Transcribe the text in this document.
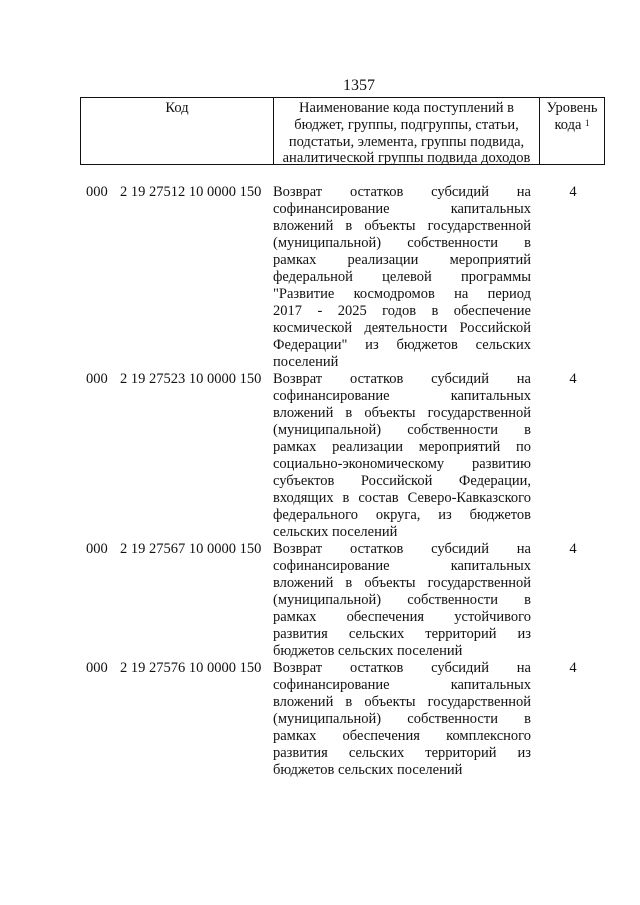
1357
Код	Наименование кода поступлений в
бюджет, группы, подгруппы, статьи,
подстатьи, элемента, группы подвида,
аналитической группы подвида доходов
Уровень
кода $^1$
000 2 19 27512 10 0000 150 Возврат остатков субсидий на
софинансирование капитальных
вложений в объекты государственной
(муниципальной) собственности в
рамках реализации мероприятий
федеральной целевой программы
"Развитие космодромов на период
2017 - 2025 годов в обеспечение
космической деятельности Российской
Федерации" из бюджетов сельских
поселений
4
000 2 19 27523 10 0000 150 Возврат остатков субсидий на
софинансирование капитальных
вложений в объекты государственной
(муниципальной) собственности в
рамках реализации мероприятий по
социально-экономическому развитию
субъектов Российской Федерации,
входящих в состав Северо-Кавказского
федерального округа, из бюджетов
сельских поселений
4
000 2 19 27567 10 0000 150 Возврат остатков субсидий на
софинансирование капитальных
вложений в объекты государственной
(муниципальной) собственности в
рамках обеспечения устойчивого
развития сельских территорий из
бюджетов сельских поселений
4
000 2 19 27576 10 0000 150 Возврат остатков субсидий на
софинансирование капитальных
вложений в объекты государственной
(муниципальной) собственности в
рамках обеспечения комплексного
развития сельских территорий из
бюджетов сельских поселений
4
